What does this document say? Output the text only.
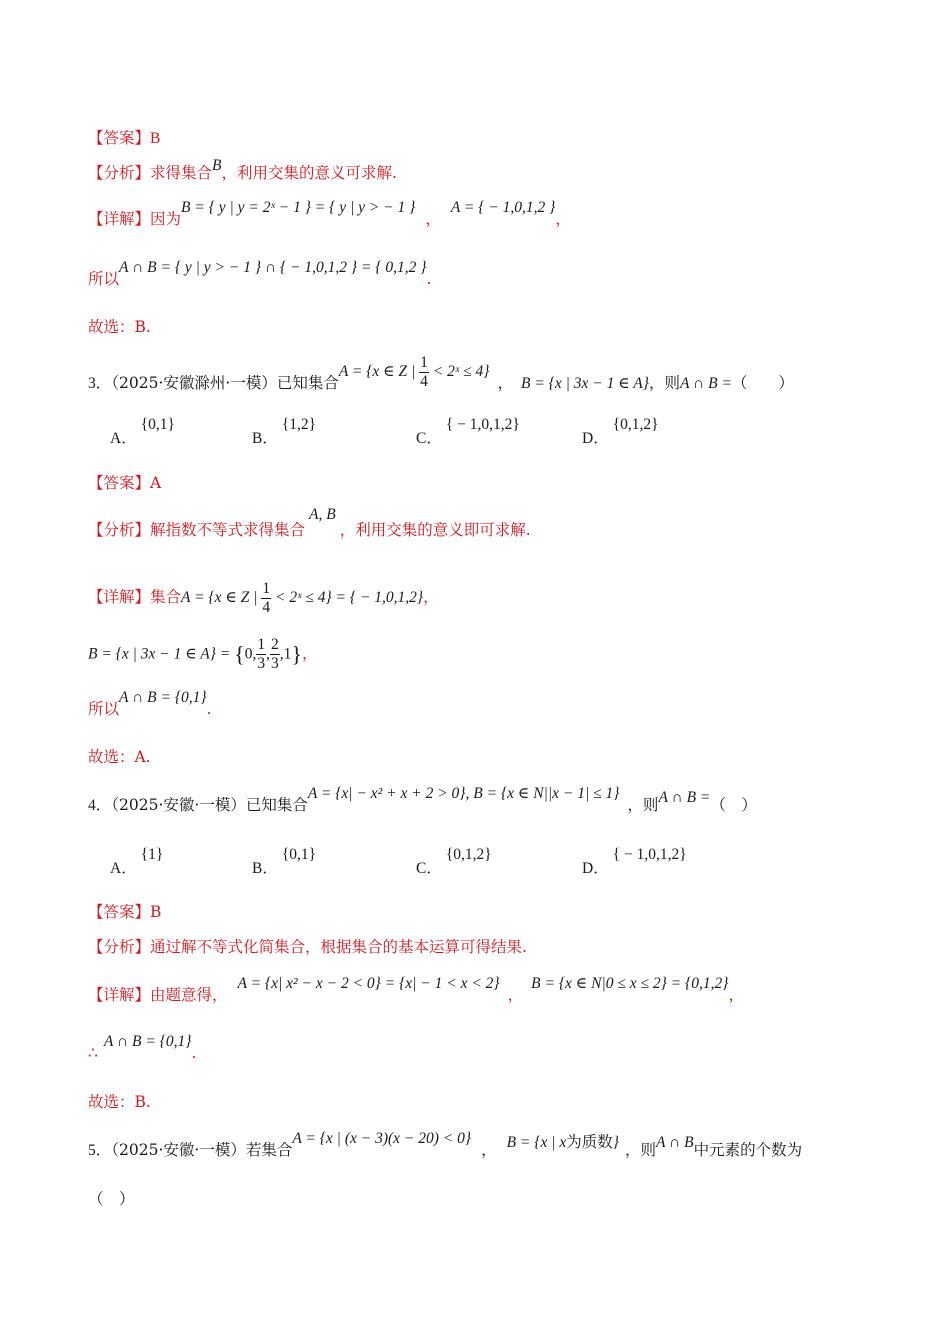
【答案】B
【分析】求得集合B，利用交集的意义可求解.
【详解】因为B = { y | y = 2ˣ − 1 } = { y | y > − 1 }，A = { − 1,0,1,2 }，
所以A ∩ B = { y | y > − 1 } ∩ { − 1,0,1,2 } = { 0,1,2 }.
故选：B.
3．（2025·安徽滁州·一模）已知集合A = {x ∈ Z | $\frac{1}{4}$ < 2ˣ ≤ 4}， B = {x | 3x − 1 ∈ A}，则A ∩ B =（　　）
A．{0,1}
B．{1,2}
C．{ − 1,0,1,2}
D．{0,1,2}
【答案】A
【分析】解指数不等式求得集合A, B，利用交集的意义即可求解.
【详解】集合A = {x ∈ Z | $\frac{1}{4}$ < 2ˣ ≤ 4} = { − 1,0,1,2}，
B = {x | 3x − 1 ∈ A} = {0, $\frac{1}{3}$ , $\frac{2}{3} ,1$}，
所以A ∩ B = {0,1}.
故选：A.
4．（2025·安徽·一模）已知集合A = {x| − x² + x + 2 > 0}, B = {x ∈ N||x − 1| ≤ 1}，则A ∩ B =（　）
A．{1}
B．{0,1}
C．{0,1,2}
D．{ − 1,0,1,2}
【答案】B
【分析】通过解不等式化简集合，根据集合的基本运算可得结果.
【详解】由题意得，A = {x| x² − x − 2 < 0} = {x| − 1 < x < 2}，B = {x ∈ N|0 ≤ x ≤ 2} = {0,1,2}，
∴A ∩ B = {0,1}.
故选：B.
5．（2025·安徽·一模）若集合A = {x | (x − 3)(x − 20) < 0}， B = {x | x为质数} ，则A ∩ B中元素的个数为
（　）
